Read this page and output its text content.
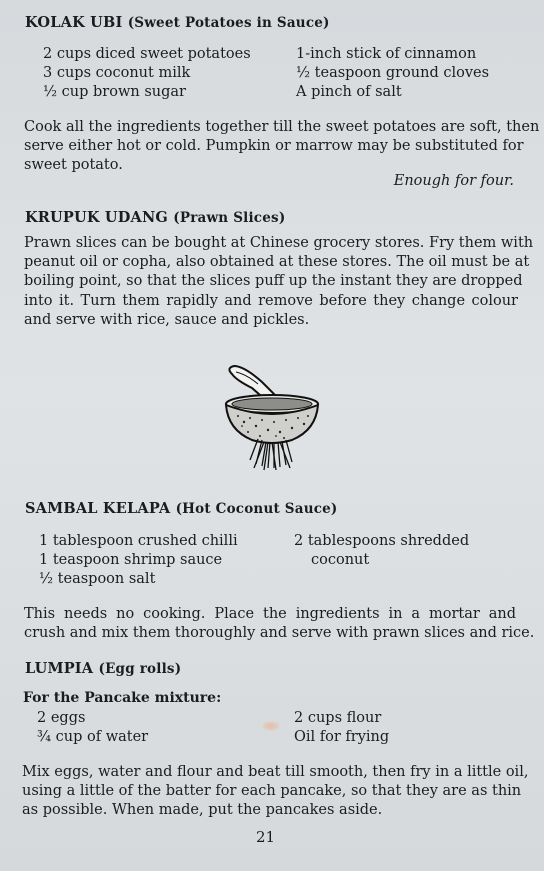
KOLAK UBI (Sweet Potatoes in Sauce)
2 cups diced sweet potatoes
3 cups coconut milk
½ cup brown sugar
1-inch stick of cinnamon
½ teaspoon ground cloves
A pinch of salt
Cook all the ingredients together till the sweet potatoes are soft, then
serve either hot or cold. Pumpkin or marrow may be substituted for
sweet potato.
Enough for four.
KRUPUK UDANG (Prawn Slices)
Prawn slices can be bought at Chinese grocery stores. Fry them with
peanut oil or copha, also obtained at these stores. The oil must be at
boiling point, so that the slices puff up the instant they are dropped
into it. Turn them rapidly and remove before they change colour
and serve with rice, sauce and pickles.
SAMBAL KELAPA (Hot Coconut Sauce)
1 tablespoon crushed chilli
1 teaspoon shrimp sauce
½ teaspoon salt
2 tablespoons shredded
coconut
This needs no cooking. Place the ingredients in a mortar and
crush and mix them thoroughly and serve with prawn slices and rice.
LUMPIA (Egg rolls)
For the Pancake mixture:
2 eggs
¾ cup of water
2 cups flour
Oil for frying
Mix eggs, water and flour and beat till smooth, then fry in a little oil,
using a little of the batter for each pancake, so that they are as thin
as possible. When made, put the pancakes aside.
21
